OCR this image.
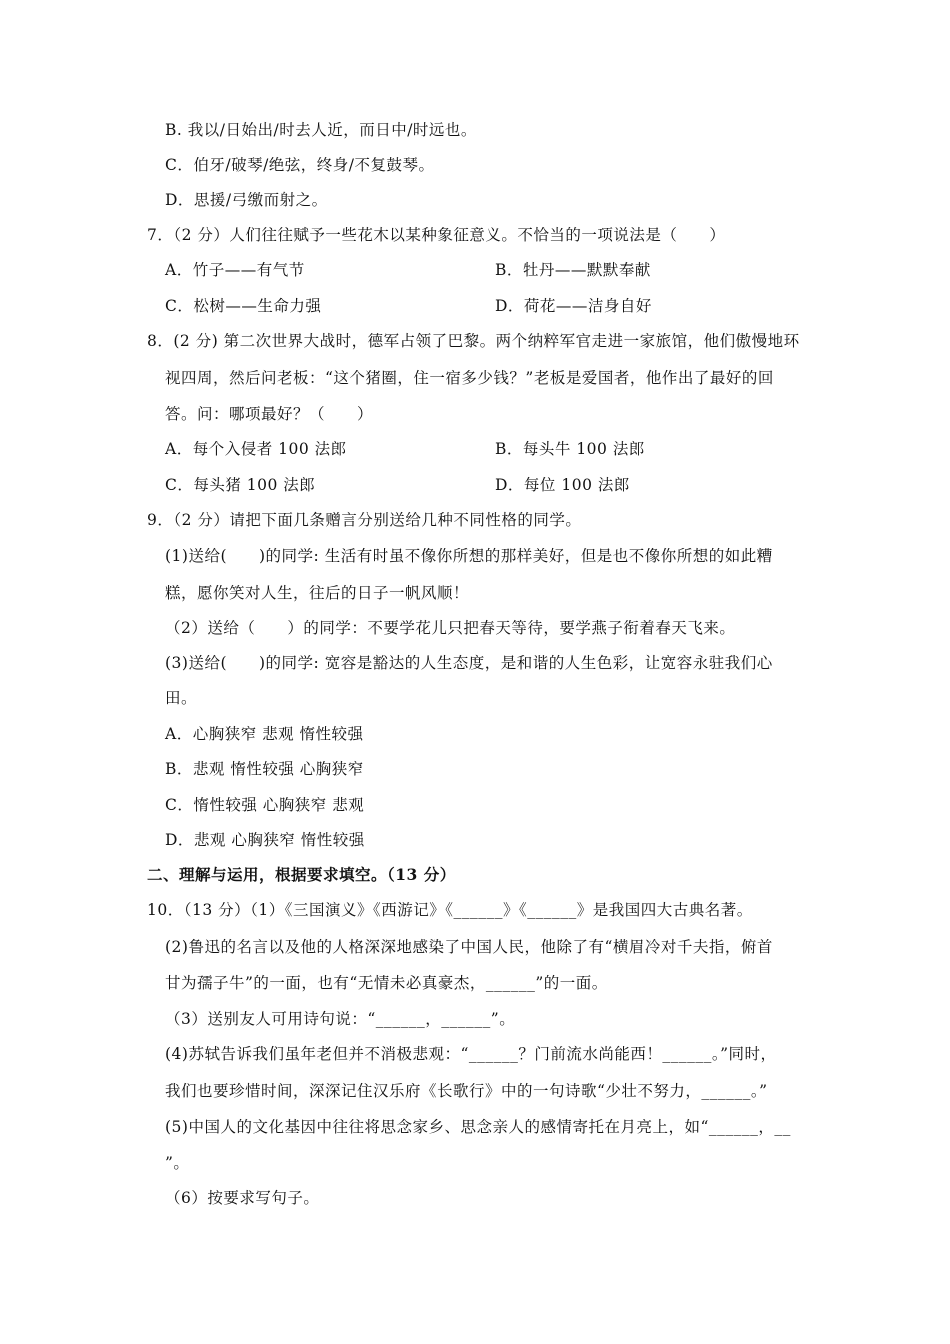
B. 我以/日始出/时去人近，而日中/时远也。
C．伯牙/破琴/绝弦，终身/不复鼓琴。
D．思援/弓缴而射之。
7．（2 分）人们往往赋予一些花木以某种象征意义。不恰当的一项说法是（　　）
A．竹子——有气节	B．牡丹——默默奉献
C．松树——生命力强	D．荷花——洁身自好
8．(2 分) 第二次世界大战时，德军占领了巴黎。两个纳粹军官走进一家旅馆，他们傲慢地环
视四周，然后问老板：“这个猪圈，住一宿多少钱？”老板是爱国者，他作出了最好的回
答。问：哪项最好？（　　）
A．每个入侵者 100 法郎	B．每头牛 100 法郎
C．每头猪 100 法郎	D．每位 100 法郎
9．（2 分）请把下面几条赠言分别送给几种不同性格的同学。
(1)送给(　　)的同学: 生活有时虽不像你所想的那样美好，但是也不像你所想的如此糟
糕，愿你笑对人生，往后的日子一帆风顺！
（2）送给（　　）的同学：不要学花儿只把春天等待，要学燕子衔着春天飞来。
(3)送给(　　)的同学: 宽容是豁达的人生态度，是和谐的人生色彩，让宽容永驻我们心
田。
A．心胸狭窄 悲观 惰性较强
B．悲观 惰性较强 心胸狭窄
C．惰性较强 心胸狭窄 悲观
D．悲观 心胸狭窄 惰性较强
二、理解与运用，根据要求填空。（13 分）
10．（13 分）（1）《三国演义》《西游记》《______》《______》是我国四大古典名著。
(2)鲁迅的名言以及他的人格深深地感染了中国人民，他除了有“横眉冷对千夫指，俯首
甘为孺子牛”的一面，也有“无情未必真豪杰，______”的一面。
（3）送别友人可用诗句说：“______，______”。
(4)苏轼告诉我们虽年老但并不消极悲观：“______？门前流水尚能西！______。”同时，
我们也要珍惜时间，深深记住汉乐府《长歌行》中的一句诗歌“少壮不努力，______。”
(5)中国人的文化基因中往往将思念家乡、思念亲人的感情寄托在月亮上，如“______，__
”。
（6）按要求写句子。
